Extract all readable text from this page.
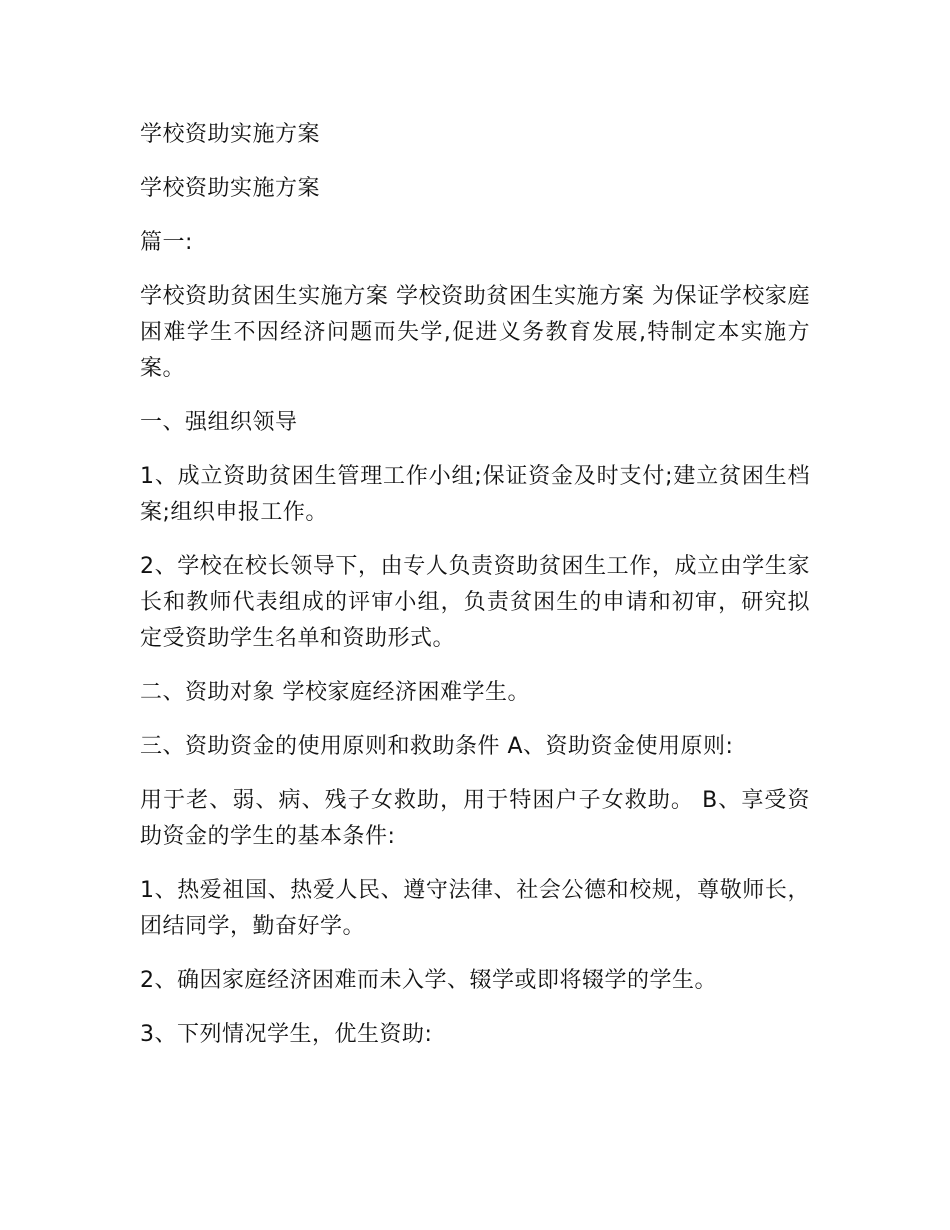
学校资助实施方案

学校资助实施方案

篇一:

学校资助贫困生实施方案 学校资助贫困生实施方案 为保证学校家庭困难学生不因经济问题而失学,促进义务教育发展,特制定本实施方案。

一、强组织领导

1、成立资助贫困生管理工作小组;保证资金及时支付;建立贫困生档案;组织申报工作。

2、学校在校长领导下，由专人负责资助贫困生工作，成立由学生家长和教师代表组成的评审小组，负责贫困生的申请和初审，研究拟定受资助学生名单和资助形式。

二、资助对象 学校家庭经济困难学生。

三、资助资金的使用原则和救助条件 A、资助资金使用原则:

用于老、弱、病、残子女救助，用于特困户子女救助。 B、享受资助资金的学生的基本条件:

1、热爱祖国、热爱人民、遵守法律、社会公德和校规，尊敬师长，团结同学，勤奋好学。

2、确因家庭经济困难而未入学、辍学或即将辍学的学生。

3、下列情况学生，优生资助:
